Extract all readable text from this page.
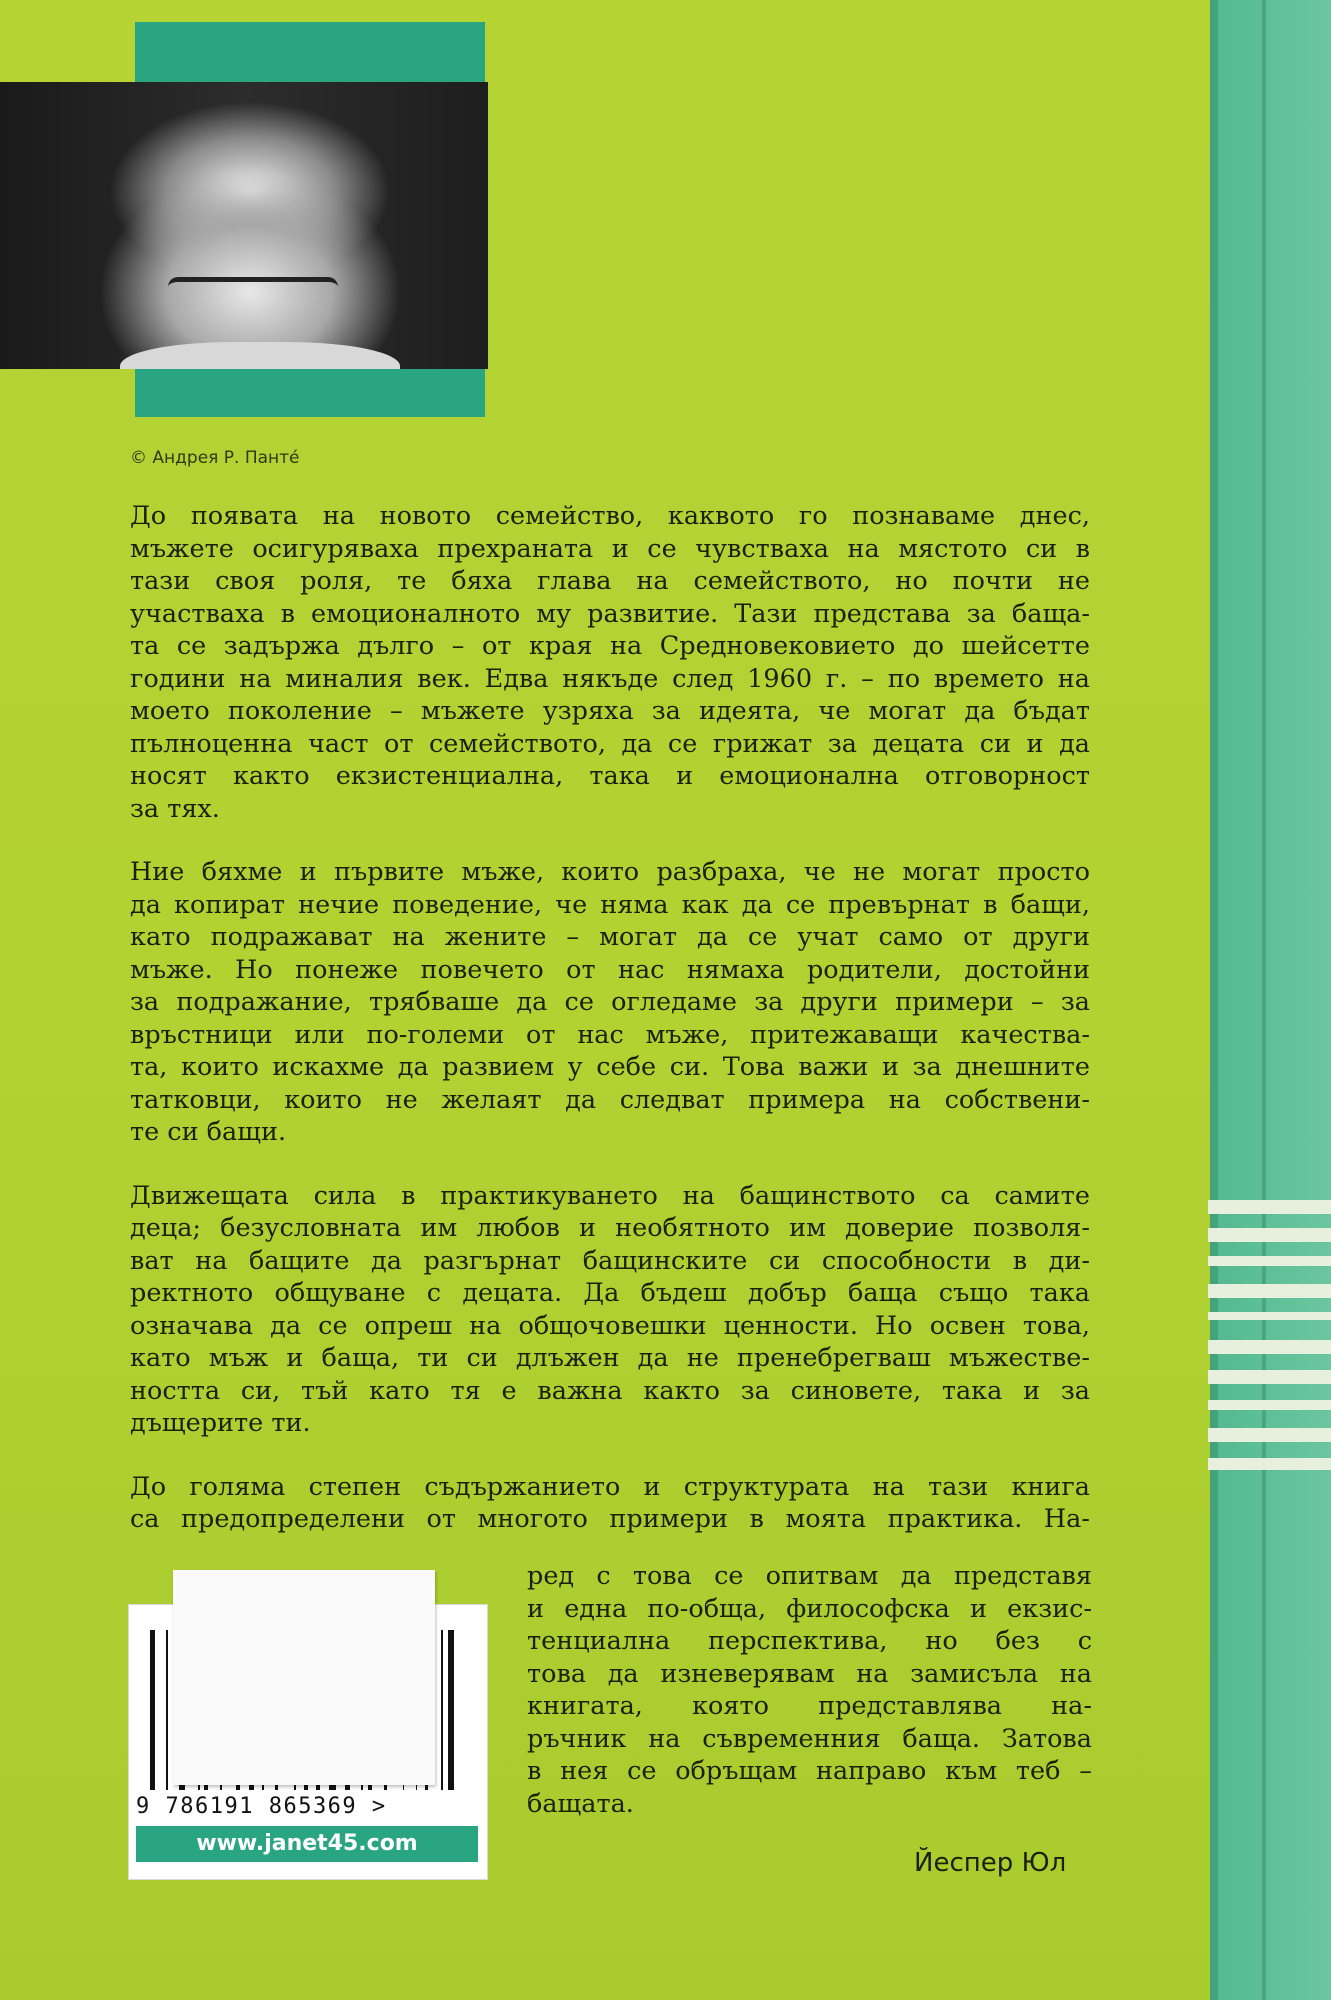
© Андрея Р. Панте́
До появата на новото семейство, каквото го познаваме днес,
мъжете осигуряваха прехраната и се чувстваха на мястото си в
тази своя роля, те бяха глава на семейството, но почти не
участваха в емоционалното му развитие. Тази представа за баща-
та се задържа дълго – от края на Средновековието до шейсетте
години на миналия век. Едва някъде след 1960 г. – по времето на
моето поколение – мъжете узряха за идеята, че могат да бъдат
пълноценна част от семейството, да се грижат за децата си и да
носят както екзистенциална, така и емоционална отговорност
за тях.
Ние бяхме и първите мъже, които разбраха, че не могат просто
да копират нечие поведение, че няма как да се превърнат в бащи,
като подражават на жените – могат да се учат само от други
мъже. Но понеже повечето от нас нямаха родители, достойни
за подражание, трябваше да се огледаме за други примери – за
връстници или по-големи от нас мъже, притежаващи качества-
та, които искахме да развием у себе си. Това важи и за днешните
татковци, които не желаят да следват примера на собствени-
те си бащи.
Движещата сила в практикуването на бащинството са самите
деца; безусловната им любов и необятното им доверие позволя-
ват на бащите да разгърнат бащинските си способности в ди-
ректното общуване с децата. Да бъдеш добър баща също така
означава да се опреш на общочовешки ценности. Но освен това,
като мъж и баща, ти си длъжен да не пренебрегваш мъжестве-
ността си, тъй като тя е важна както за синовете, така и за
дъщерите ти.
До голяма степен съдържанието и структурата на тази книга
са предопределени от многото примери в моята практика. На-
9 786191 865369 >
www.janet45.com
ред с това се опитвам да представя
и една по-обща, философска и екзис-
тенциална перспектива, но без с
това да изневерявам на замисъла на
книгата, която представлява на-
ръчник на съвременния баща. Затова
в нея се обръщам направо към теб –
бащата.
Йеспер Юл
